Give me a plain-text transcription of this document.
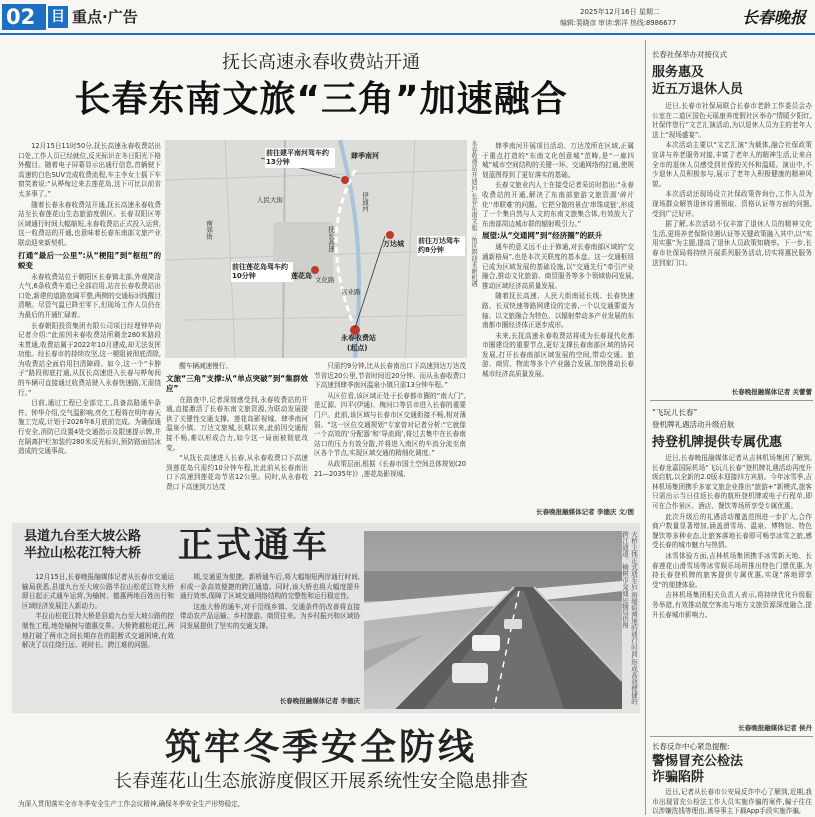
02 目 重点·广告	2025年12月16日 星期二
编辑:裴晓彦 审读:郭洋 热线:8986677	长春晚报
抚长高速永春收费站开通
长春东南文旅“三角”加速融合

12月15日11时50分,抚长高速永春收费站出口处,工作人员已经就位,反光标识在冬日阳光下格外醒目。随着电子屏幕显示出通行信息,首辆驶下高速的白色SUV完成收费流程,车主李女士摇下车窗笑着说:“从桦甸过来去莲花岛,这下可比以前省太多事了。”

随着长春永春收费站开通,抚长高速永春收费站至长春莲花山生态旅游度假区、长春双阳区等区域通行时间大幅缩短,永春收费站正式投入运营,这一收费站的开通,也意味着长春东南部文旅产业联动迎来新契机。

打通“最后一公里”:从“梗阻”到“枢纽”的蜕变

永春收费站位于朝阳区长春镇北部,外观简洁大气,6条收费车道已全部启用,站在长春收费站出口处,新建的道路宽阔平整,两侧的交通标识线醒目清晰。尽管气温已降至零下,但现场工作人员仍在为最后的开通忙碌着。

长春朝阳投资集团有限公司项目经理钟华向记者介绍:“此前因未春收费站所剩余280米路段未贯通,收费站属于2022年10月建成,却无法发挥功能。经长春市的持续攻坚,这一梗阻被彻底清除,为收费站全面启用扫清障碍。如今,这一个“卡脖子”路段彻底打通,从抚长高速进入长春与桦甸间的车辆可直接通过收费站驶入永春快速路,无需绕行。”

目前,通过工程已全部完工,具备高路通车条件。钟华介绍,交气温影响,亮化工程将在明年春天施工完成,计划于2026年6月底前完成。为确保通行安全,消防已设置4处交通指示及限速提示牌,并在隔离护栏加装约280米反光标识,预防路面结冰造成的交通事故。

前往建平南河驾车约13分钟
肆季南河
伊通河
抚长高速
人民大街
南郊街
万达城 前往万达驾车约8分钟
文化路
前往莲花岛驾车约10分钟	莲花岛
兴业路
永春收费站
(起点)
永春收费站开通后,长春东南文旅三角区将迎来新机遇

醒车辆减速慢行。

文旅“三角”支撑:从“单点突破”到“集群效应”

在路查中,记者深刻感受到,永春收费站的开通,直接激活了长春东南文旅资源,为联动发展提供了关键性交通支撑。莲花岛影视城、肆季南河温泉小镇、万达文旅城,长期以来,此前因交通衔接不畅,难以形成合力,如今这一局面被彻底改变。

“从抚长高速进入长春,从永春收费口下高速到莲花岛只需约10分钟车程,比此前从长春南出口下高速到莲花岛节省12公里。同时,从永春收费口下高速到万达茂

只需约9分钟,比从长春南出口下高速到达万达茂节省近20公里,节省时间近20分钟。而从永春收费口下高速到肆季南河温泉小镇只需13分钟车程。”

从区位看,该区域正处于长春都市圈的“南大门”,是辽源、四平(伊通)、梅河口等县市进入长春的重要门户。此前,该区域与长春市区交通衔接不畅,相对薄弱。“这一区位交通规划”专家曾对记者分析:“它就像一个高效的‘分配器’和‘导流阀’,将过去集中在长春南站口的压力有效分散,并将进入南区的车流分流至南区各个节点,实现区域交通的精细化调度。”

从政策层面,根据《长春市国土空间总体规划(2021—2035年)》,莲花岛影视城、

肆季南河开展项目活动、万达茂所在区域,正属于重点打造的“东南文化创意城”范畴,是“一廊四城”城市空间结构的关键一环。交通网络的打通,使规划蓝图得到了更好落实的基础。

长春文旅业内人士在接受记者采访时指出:“永春收费站的开通,解决了东南部旅游文旅资源‘碎片化’‘串联难’的问题。它把分散的景点‘串珠成链’,形成了一个集自然与人文的东南文旅集合体,有效放大了东南部周边城市群的辐射吸引力。”

展望:从“交通网”到“经济圈”的跃升

通车的意义远不止于修通,对长春南部区域的“交通新格局”,也是本次关联度的基本盘。这一交通枢纽已成为区域发展的基础设施,以“交通先行”牵引产业融合,推动文化旅游、商贸服务等多个领域协同发展,推动区域经济高质量发展。

随着抚长高速、人民大街南延长线、长春快速路、长双快速等路网建设的完善,一个以交通要道为轴、以文旅融合为特色、以辐射带动多产业发展的东南都市圈经济体正逐步成形。

未来,长抚高速永春收费站将成为长春现代化都市圈建设的重要节点,更好支撑长春南部区域的协同发展,打开长春南部区域发展的空间,带动交通、旅游、商贸、物流等多个产业融合发展,加快推动长春城市经济高质量发展。

长春晚报融媒体记者 李德庆 文/图
县道九台至大坡公路
半拉山松花江特大桥 正式通车

12月15日,长春晚报融媒体记者从长春市交通运输局获悉,县道九台至大坡公路半拉山松花江特大桥即日起正式通车运营,为榆树、德惠两地百姓出行和区域经济发展注入新动力。

半拉山松花江特大桥是县道九台至大坡公路的控制性工程,地处榆树与德惠交界。大桥跨越松花江,两地打破了两市之间长期存在的阻断式交通困境,有效解决了以往绕行远、耗时长、跨江难的问题。

期,交通更为便捷。新桥通车后,将大幅缩短两岸通行时间,形成一条高效便捷的跨江通道。同时,该大桥也将大幅度提升通行效率,保障了区域交通网络结构的完整性和运行稳定性。

这座大桥的通车,对于沿线乡镇、交通条件的改善将直接带动农产品运输、乡村旅游、商贸往来。为乡村振兴和区域协同发展提供了坚实的交通支撑。

长春晚报融媒体记者 李德庆	大桥主体正式通车后,将缩短两地的通行时间,形成高效便捷的跨江通道。榆树市交通运输局供图
筑牢冬季安全防线
长春莲花山生态旅游度假区开展系统性安全隐患排查
为深入贯彻落实全市冬季安全生产工作会议精神,确保冬季安全生产形势稳定,
长春社保举办对接仪式
服务惠及
近五万退休人员

近日,长春市社保局联合长春市老龄工作委员会办公室在二道区国色天瑶康养度假社区举办“情暖夕阳红,社保伴您行”文艺汇演活动,为以退休人员为主的老年人送上“现场盛宴”。

本次活动主要以“文艺汇演”为载体,融合社保政策宣讲与养老服务对接,丰富了老年人的精神生活,让来自全市的退休人员感受到社保的关怀和温暖。演出中,不少退休人员积极参与,展示了老年人积极健康的精神风貌。

本次活动还现场设立社保政策咨询台,工作人员为现场群众解答退休待遇领取、资格认证等方面的问题,受到广泛好评。

据了解,本次活动不仅丰富了退休人员的精神文化生活,更将养老保险待遇认证等关键政策融入其中,以“实用实惠”为主题,提高了退休人员政策知晓率。下一步,长春市社保局将持续开展系列服务活动,切实将惠民服务送到家门口。

长春晚报融媒体记者 关蕾蕾
“飞玩儿长春”
登机牌礼遇活动升级启航
持登机牌提供专属优惠

近日,长春晚报融媒体记者从吉林机场集团了解到,长春龙嘉国际机场“飞玩儿长春”登机牌礼遇活动再度升级启航,以全新的2.0版本迎接四方宾朋。今年冰雪季,吉林机场集团携手多家文旅企业推出“旅游+”新模式,旅客只需出示当日往返长春的航班登机牌或电子行程单,即可在合作景区、酒店、餐饮等场所享受专属优惠。

此次升级后的礼遇活动覆盖范围进一步扩大,合作商户数量显著增加,涵盖滑雪场、温泉、博物馆、特色餐饮等多种业态,让旅客落地长春即可畅享冰雪之旅,感受长春的城市魅力与热情。

冰雪体验方面,吉林机场集团携手冰雪新天地、长春莲花山滑雪场等冰雪娱乐场所推出特色门票优惠,为持长春登机牌的旅客提供专属优惠,实现“落地即享受”的便捷体验。

吉林机场集团相关负责人表示,将持续优化升级服务举措,有效推动航空客流与地方文旅资源深度融合,提升长春城市影响力。

长春晚报融媒体记者 侯丹
长春反诈中心紧急提醒:
警惕冒充公检法
诈骗陷阱

近日,记者从长春市公安局反诈中心了解到,近期,我市出现冒充公检法工作人员实施诈骗的案件,骗子往往以涉嫌洗钱等理由,诱导事主下载App手段实施诈骗,
